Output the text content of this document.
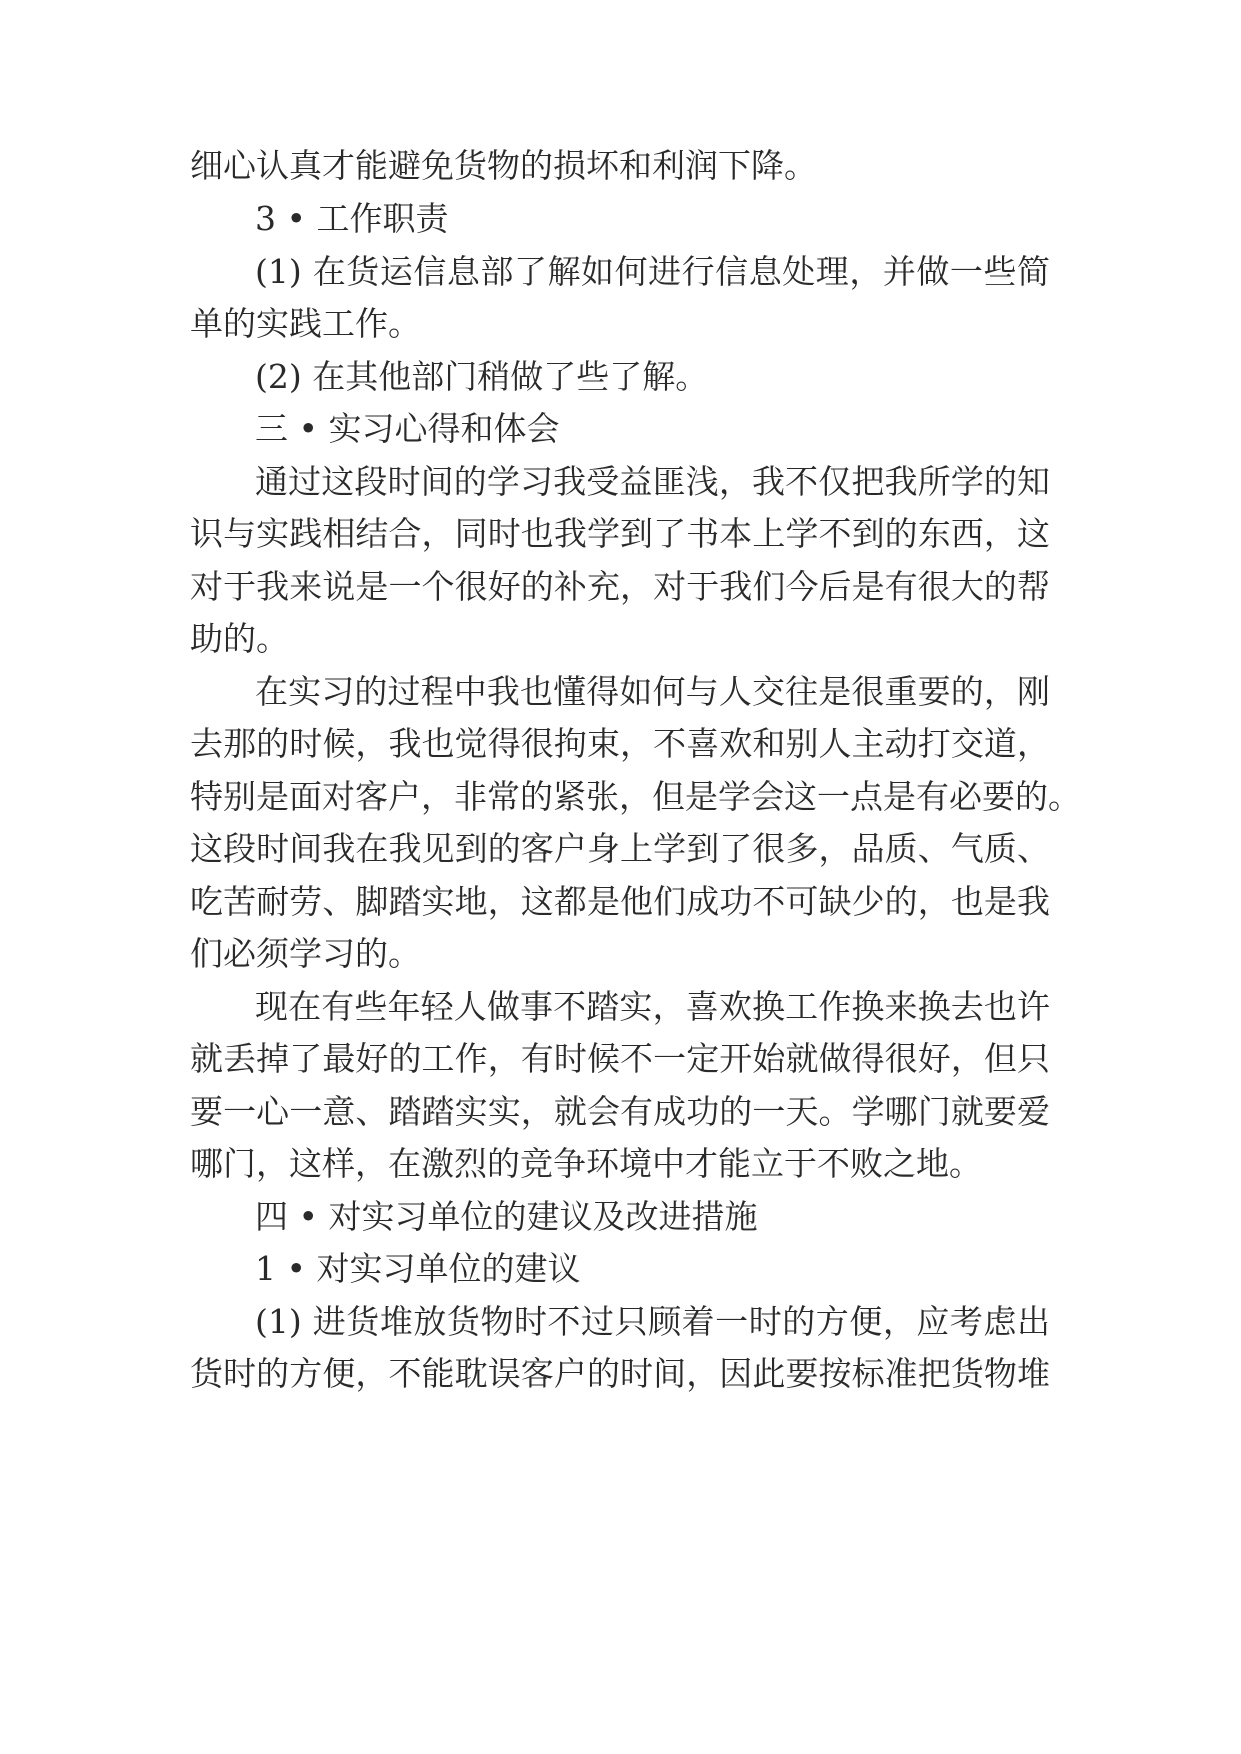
细心认真才能避免货物的损坏和利润下降。
3 • 工作职责
(1) 在货运信息部了解如何进行信息处理，并做一些简
单的实践工作。
(2) 在其他部门稍做了些了解。
三 • 实习心得和体会
通过这段时间的学习我受益匪浅，我不仅把我所学的知
识与实践相结合，同时也我学到了书本上学不到的东西，这
对于我来说是一个很好的补充，对于我们今后是有很大的帮
助的。
在实习的过程中我也懂得如何与人交往是很重要的，刚
去那的时候，我也觉得很拘束，不喜欢和别人主动打交道，
特别是面对客户，非常的紧张，但是学会这一点是有必要的。
这段时间我在我见到的客户身上学到了很多，品质、气质、
吃苦耐劳、脚踏实地，这都是他们成功不可缺少的，也是我
们必须学习的。
现在有些年轻人做事不踏实，喜欢换工作换来换去也许
就丢掉了最好的工作，有时候不一定开始就做得很好，但只
要一心一意、踏踏实实，就会有成功的一天。学哪门就要爱
哪门，这样，在激烈的竞争环境中才能立于不败之地。
四 • 对实习单位的建议及改进措施
1 • 对实习单位的建议
(1) 进货堆放货物时不过只顾着一时的方便，应考虑出
货时的方便，不能耽误客户的时间，因此要按标准把货物堆
